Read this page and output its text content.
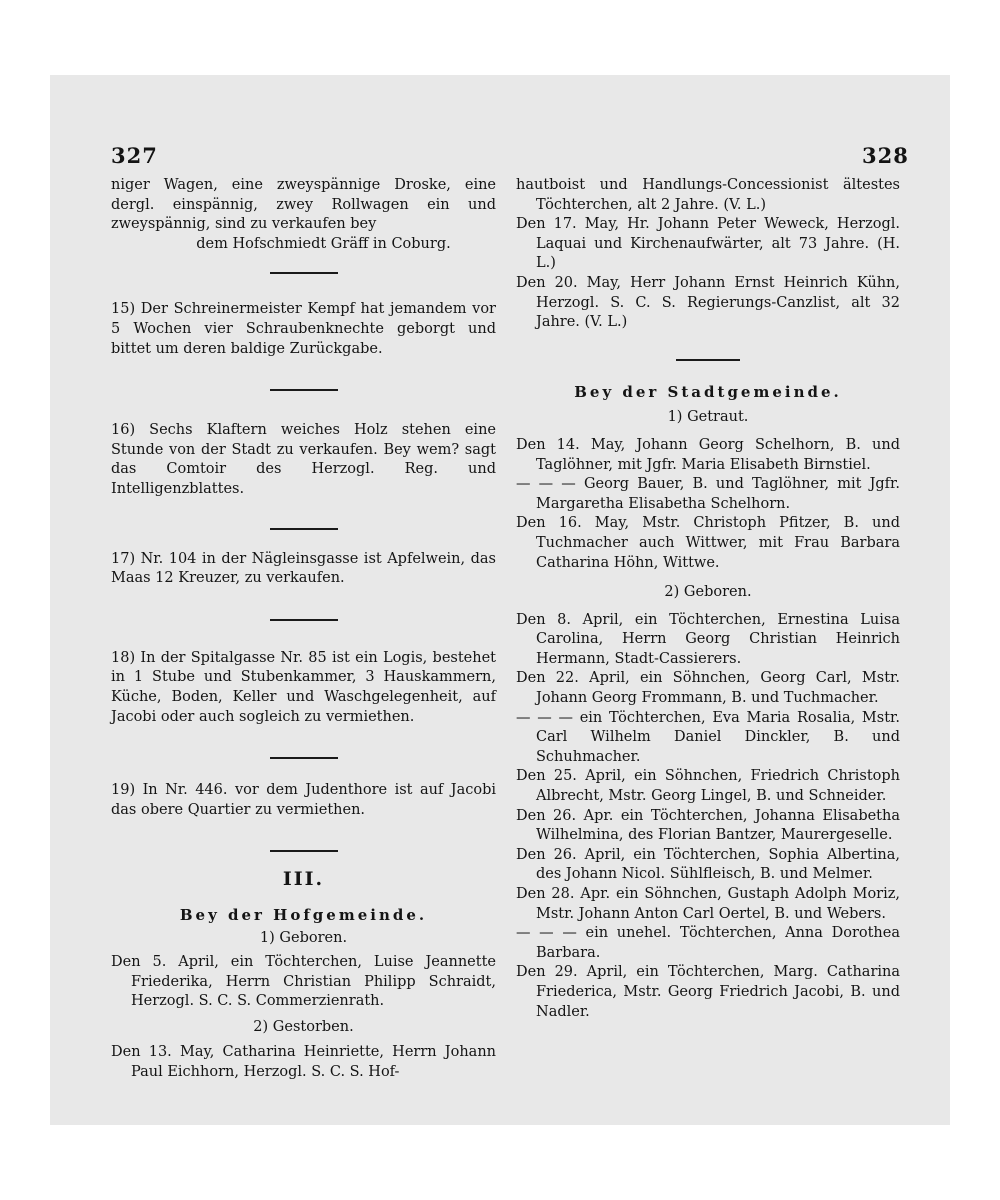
327	328

niger Wagen, eine zweyspännige Droske, eine dergl. einspännig, zwey Rollwagen ein und zweyspännig, sind zu verkaufen bey

dem Hofschmiedt Gräff in Coburg.

15) Der Schreinermeister Kempf hat jemandem vor 5 Wochen vier Schraubenknechte geborgt und bittet um deren baldige Zurückgabe.

16) Sechs Klaftern weiches Holz stehen eine Stunde von der Stadt zu verkaufen. Bey wem? sagt das Comtoir des Herzogl. Reg. und Intelligenzblattes.

17) Nr. 104 in der Nägleinsgasse ist Apfelwein, das Maas 12 Kreuzer, zu verkaufen.

18) In der Spitalgasse Nr. 85 ist ein Logis, bestehet in 1 Stube und Stubenkammer, 3 Hauskammern, Küche, Boden, Keller und Waschgelegenheit, auf Jacobi oder auch sogleich zu vermiethen.

19) In Nr. 446. vor dem Judenthore ist auf Jacobi das obere Quartier zu vermiethen.

III.

Bey der Hofgemeinde.

1) Geboren.

Den 5. April, ein Töchterchen, Luise Jeannette Friederika, Herrn Christian Philipp Schraidt, Herzogl. S. C. S. Commerzienrath.

2) Gestorben.

Den 13. May, Catharina Heinriette, Herrn Johann Paul Eichhorn, Herzogl. S. C. S. Hof-

hautboist und Handlungs-Concessionist ältestes Töchterchen, alt 2 Jahre. (V. L.)

Den 17. May, Hr. Johann Peter Weweck, Herzogl. Laquai und Kirchenaufwärter, alt 73 Jahre. (H. L.)

Den 20. May, Herr Johann Ernst Heinrich Kühn, Herzogl. S. C. S. Regierungs-Canzlist, alt 32 Jahre. (V. L.)

Bey der Stadtgemeinde.

1) Getraut.

Den 14. May, Johann Georg Schelhorn, B. und Taglöhner, mit Jgfr. Maria Elisabeth Birnstiel.

— — — Georg Bauer, B. und Taglöhner, mit Jgfr. Margaretha Elisabetha Schelhorn.

Den 16. May, Mstr. Christoph Pfitzer, B. und Tuchmacher auch Wittwer, mit Frau Barbara Catharina Höhn, Wittwe.

2) Geboren.

Den 8. April, ein Töchterchen, Ernestina Luisa Carolina, Herrn Georg Christian Heinrich Hermann, Stadt-Cassierers.

Den 22. April, ein Söhnchen, Georg Carl, Mstr. Johann Georg Frommann, B. und Tuchmacher.

— — — ein Töchterchen, Eva Maria Rosalia, Mstr. Carl Wilhelm Daniel Dinckler, B. und Schuhmacher.

Den 25. April, ein Söhnchen, Friedrich Christoph Albrecht, Mstr. Georg Lingel, B. und Schneider.

Den 26. Apr. ein Töchterchen, Johanna Elisabetha Wilhelmina, des Florian Bantzer, Maurergeselle.

Den 26. April, ein Töchterchen, Sophia Albertina, des Johann Nicol. Sühlfleisch, B. und Melmer.

Den 28. Apr. ein Söhnchen, Gustaph Adolph Moriz, Mstr. Johann Anton Carl Oertel, B. und Webers.

— — — ein unehel. Töchterchen, Anna Dorothea Barbara.

Den 29. April, ein Töchterchen, Marg. Catharina Friederica, Mstr. Georg Friedrich Jacobi, B. und Nadler.
